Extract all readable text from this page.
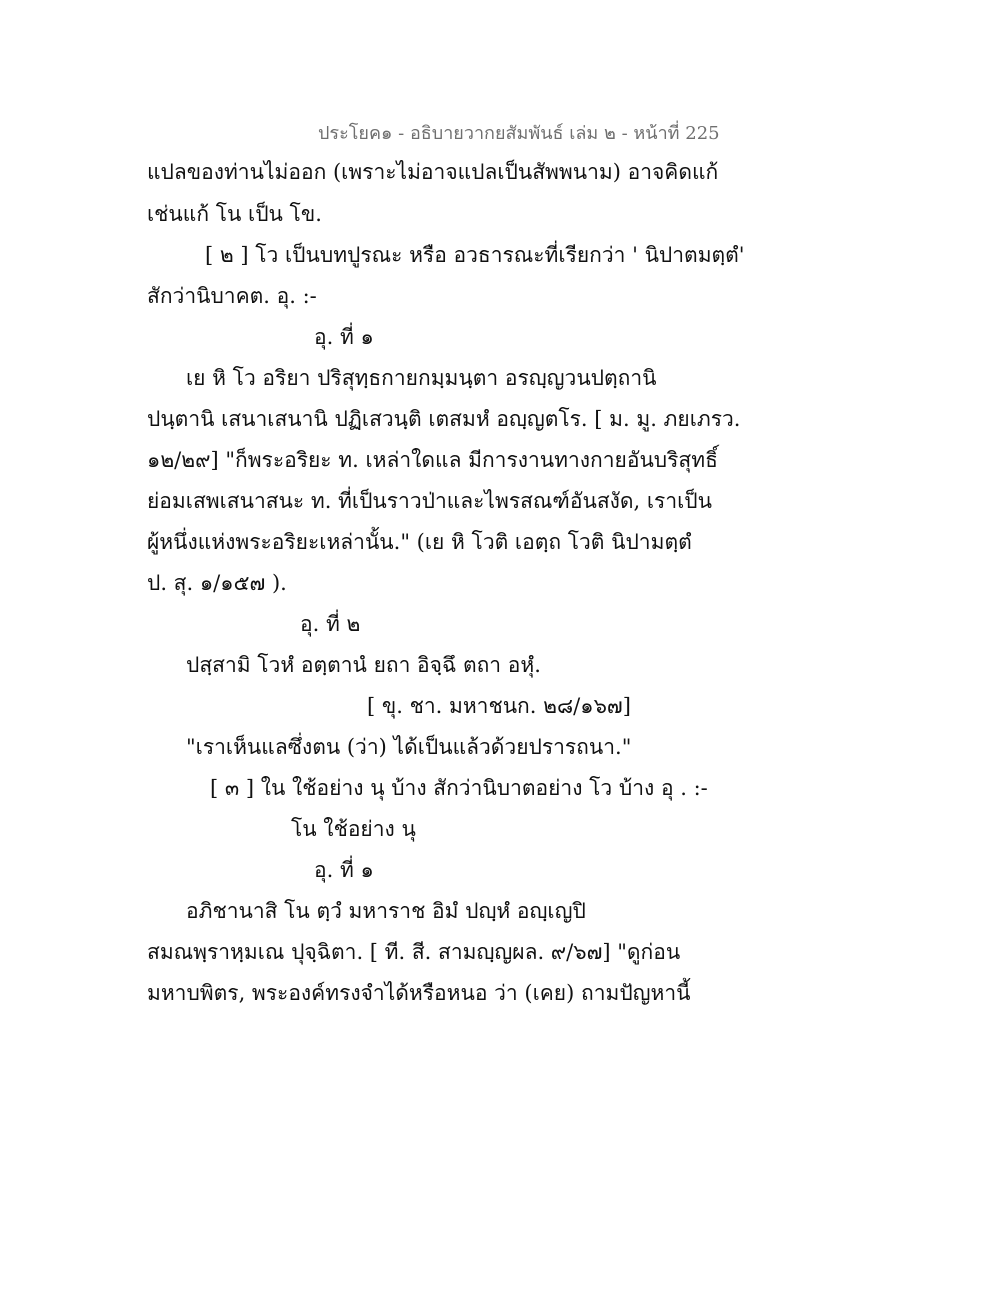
ประโยค๑ - อธิบายวากยสัมพันธ์ เล่ม ๒ - หน้าที่ 225
แปลของท่านไม่ออก (เพราะไม่อาจแปลเป็นสัพพนาม) อาจคิดแก้
เช่นแก้ โน เป็น โข.
[ ๒ ] โว เป็นบทปูรณะ หรือ อวธารณะที่เรียกว่า ' นิปาตมตฺตํ'
สักว่านิบาคต. อุ. :-
อุ. ที่ ๑
เย หิ โว อริยา ปริสุทฺธกายกมฺมนฺตา อรญฺญวนปตฺถานิ
ปนฺตานิ เสนาเสนานิ ปฏิเสวนฺติ เตสมหํ อญฺญตโร. [ ม. มู. ภยเภรว.
๑๒/๒๙] "ก็พระอริยะ ท. เหล่าใดแล มีการงานทางกายอันบริสุทธิ์
ย่อมเสพเสนาสนะ ท. ที่เป็นราวป่าและไพรสณฑ์อันสงัด, เราเป็น
ผู้หนึ่งแห่งพระอริยะเหล่านั้น." (เย หิ โวติ เอตฺถ โวติ นิปามตฺตํ
ป. สุ. ๑/๑๕๗ ).
อุ. ที่ ๒
ปสฺสามิ โวหํ อตฺตานํ ยถา อิจฺฉึ ตถา อหุํ.
[ ขุ. ชา. มหาชนก. ๒๘/๑๖๗]
"เราเห็นแลซึ่งตน (ว่า) ได้เป็นแล้วด้วยปรารถนา."
[ ๓ ] ใน ใช้อย่าง นุ บ้าง สักว่านิบาตอย่าง โว บ้าง อุ . :-
โน ใช้อย่าง นุ
อุ. ที่ ๑
อภิชานาสิ โน ตฺวํ มหาราช อิมํ ปญฺหํ อญฺเญปิ
สมณพฺราหฺมเณ ปุจฺฉิตา. [ ที. สี. สามญฺญผล. ๙/๖๗] "ดูก่อน
มหาบพิตร, พระองค์ทรงจำได้หรือหนอ ว่า (เคย) ถามปัญหานี้
